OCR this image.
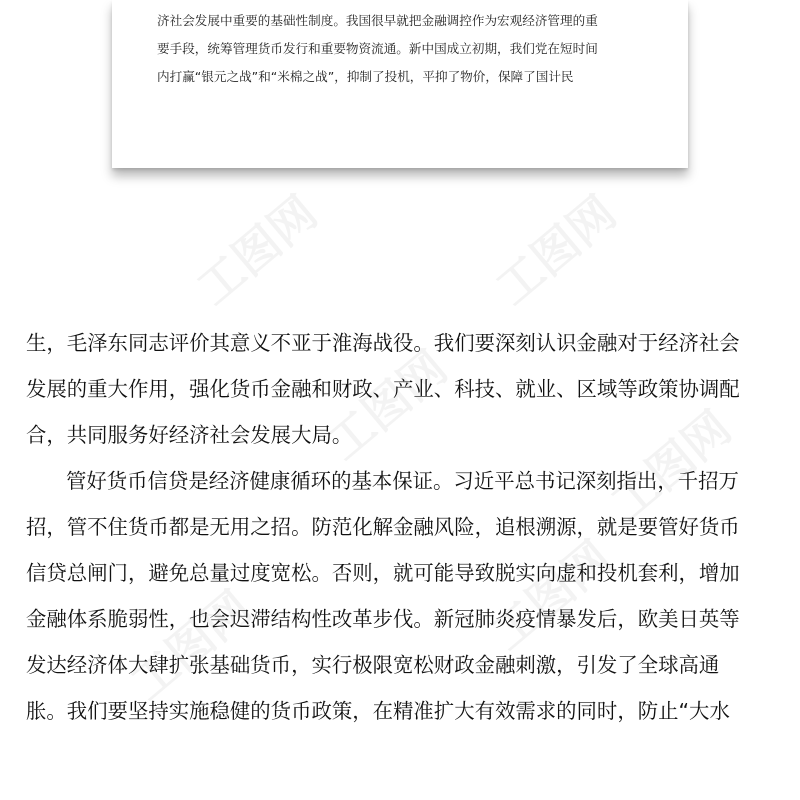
济社会发展中重要的基础性制度。我国很早就把金融调控作为宏观经济管理的重
要手段，统筹管理货币发行和重要物资流通。新中国成立初期，我们党在短时间
内打赢“银元之战”和“米棉之战”，抑制了投机，平抑了物价，保障了国计民
生，毛泽东同志评价其意义不亚于淮海战役。我们要深刻认识金融对于经济社会
发展的重大作用，强化货币金融和财政、产业、科技、就业、区域等政策协调配
合，共同服务好经济社会发展大局。
管好货币信贷是经济健康循环的基本保证。习近平总书记深刻指出，千招万
招，管不住货币都是无用之招。防范化解金融风险，追根溯源，就是要管好货币
信贷总闸门，避免总量过度宽松。否则，就可能导致脱实向虚和投机套利，增加
金融体系脆弱性，也会迟滞结构性改革步伐。新冠肺炎疫情暴发后，欧美日英等
发达经济体大肆扩张基础货币，实行极限宽松财政金融刺激，引发了全球高通
胀。我们要坚持实施稳健的货币政策，在精准扩大有效需求的同时，防止“大水
